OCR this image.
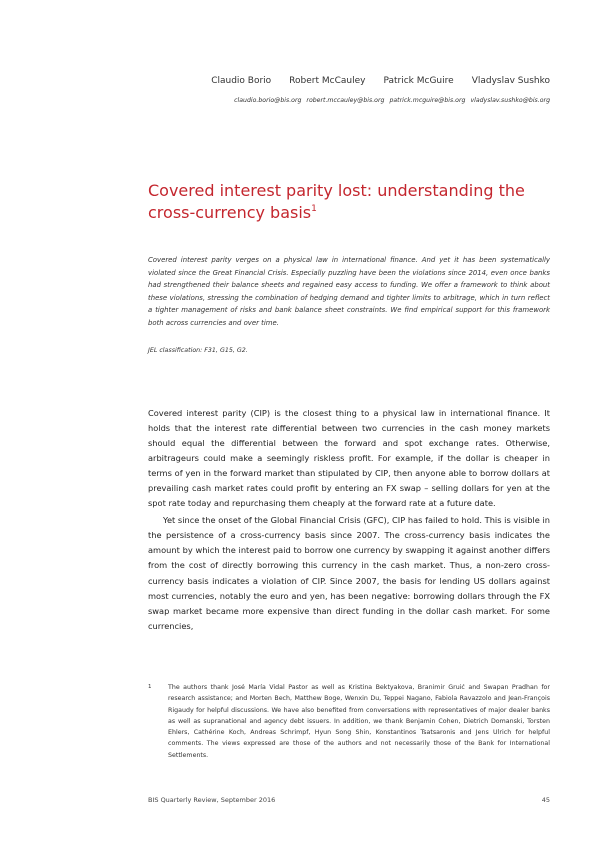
Claudio Borio Robert McCauley Patrick McGuire Vladyslav Sushko
claudio.borio@bis.org robert.mccauley@bis.org patrick.mcguire@bis.org vladyslav.sushko@bis.org
Covered interest parity lost: understanding the
cross-currency basis$^1$

Covered interest parity verges on a physical law in international finance. And yet it has been systematically violated since the Great Financial Crisis. Especially puzzling have been the violations since 2014, even once banks had strengthened their balance sheets and regained easy access to funding. We offer a framework to think about these violations, stressing the combination of hedging demand and tighter limits to arbitrage, which in turn reflect a tighter management of risks and bank balance sheet constraints. We find empirical support for this framework both across currencies and over time.

JEL classification: F31, G15, G2.

Covered interest parity (CIP) is the closest thing to a physical law in international finance. It holds that the interest rate differential between two currencies in the cash money markets should equal the differential between the forward and spot exchange rates. Otherwise, arbitrageurs could make a seemingly riskless profit. For example, if the dollar is cheaper in terms of yen in the forward market than stipulated by CIP, then anyone able to borrow dollars at prevailing cash market rates could profit by entering an FX swap – selling dollars for yen at the spot rate today and repurchasing them cheaply at the forward rate at a future date.

Yet since the onset of the Global Financial Crisis (GFC), CIP has failed to hold. This is visible in the persistence of a cross-currency basis since 2007. The cross-currency basis indicates the amount by which the interest paid to borrow one currency by swapping it against another differs from the cost of directly borrowing this currency in the cash market. Thus, a non-zero cross-currency basis indicates a violation of CIP. Since 2007, the basis for lending US dollars against most currencies, notably the euro and yen, has been negative: borrowing dollars through the FX swap market became more expensive than direct funding in the dollar cash market. For some currencies,

1	The authors thank José María Vidal Pastor as well as Kristina Bektyakova, Branimir Gruić and Swapan Pradhan for research assistance; and Morten Bech, Matthew Boge, Wenxin Du, Teppei Nagano, Fabiola Ravazzolo and Jean-François Rigaudy for helpful discussions. We have also benefited from conversations with representatives of major dealer banks as well as supranational and agency debt issuers. In addition, we thank Benjamin Cohen, Dietrich Domanski, Torsten Ehlers, Cathérine Koch, Andreas Schrimpf, Hyun Song Shin, Konstantinos Tsatsaronis and Jens Ulrich for helpful comments. The views expressed are those of the authors and not necessarily those of the Bank for International Settlements.
BIS Quarterly Review, September 2016	45
